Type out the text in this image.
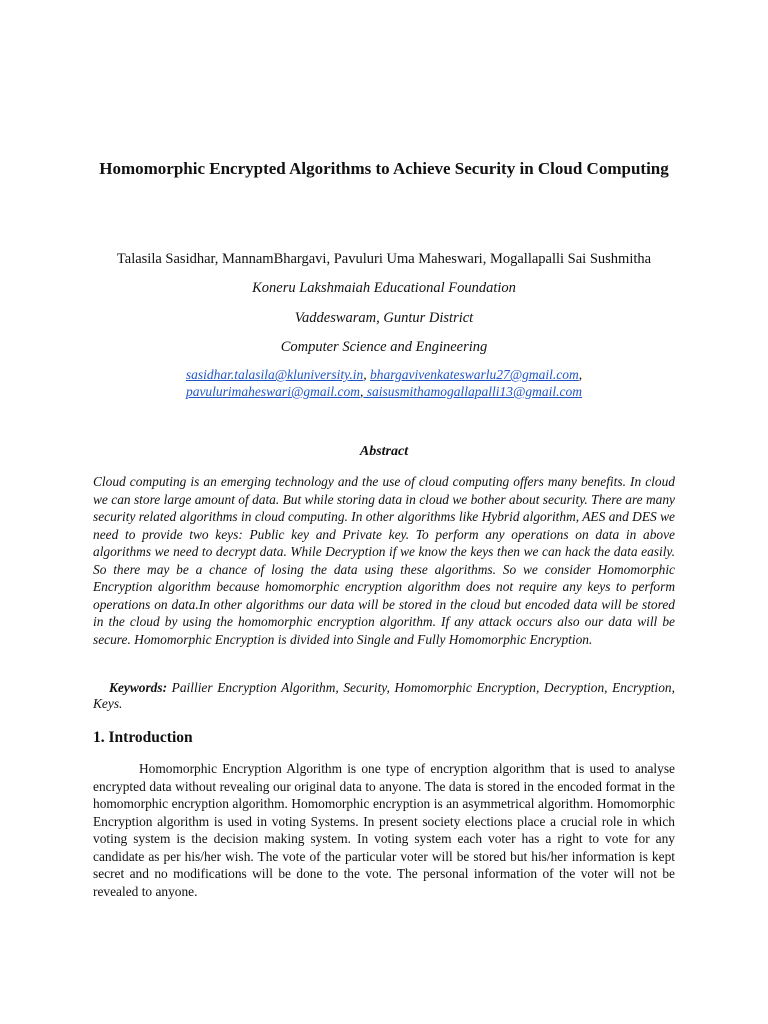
Homomorphic Encrypted Algorithms to Achieve Security in Cloud Computing
Talasila Sasidhar, MannamBhargavi, Pavuluri Uma Maheswari, Mogallapalli Sai Sushmitha
Koneru Lakshmaiah Educational Foundation
Vaddeswaram, Guntur District
Computer Science and Engineering
sasidhar.talasila@kluniversity.in, bhargavivenkateswarlu27@gmail.com,
pavulurimaheswari@gmail.com, saisusmithamogallapalli13@gmail.com
Abstract

Cloud computing is an emerging technology and the use of cloud computing offers many benefits. In cloud we can store large amount of data. But while storing data in cloud we bother about security. There are many security related algorithms in cloud computing. In other algorithms like Hybrid algorithm, AES and DES we need to provide two keys: Public key and Private key. To perform any operations on data in above algorithms we need to decrypt data. While Decryption if we know the keys then we can hack the data easily. So there may be a chance of losing the data using these algorithms. So we consider Homomorphic Encryption algorithm because homomorphic encryption algorithm does not require any keys to perform operations on data.In other algorithms our data will be stored in the cloud but encoded data will be stored in the cloud by using the homomorphic encryption algorithm. If any attack occurs also our data will be secure. Homomorphic Encryption is divided into Single and Fully Homomorphic Encryption.

Keywords: Paillier Encryption Algorithm, Security, Homomorphic Encryption, Decryption, Encryption, Keys.

1. Introduction

Homomorphic Encryption Algorithm is one type of encryption algorithm that is used to analyse encrypted data without revealing our original data to anyone. The data is stored in the encoded format in the homomorphic encryption algorithm. Homomorphic encryption is an asymmetrical algorithm. Homomorphic Encryption algorithm is used in voting Systems. In present society elections place a crucial role in which voting system is the decision making system. In voting system each voter has a right to vote for any candidate as per his/her wish. The vote of the particular voter will be stored but his/her information is kept secret and no modifications will be done to the vote. The personal information of the voter will not be revealed to anyone.
